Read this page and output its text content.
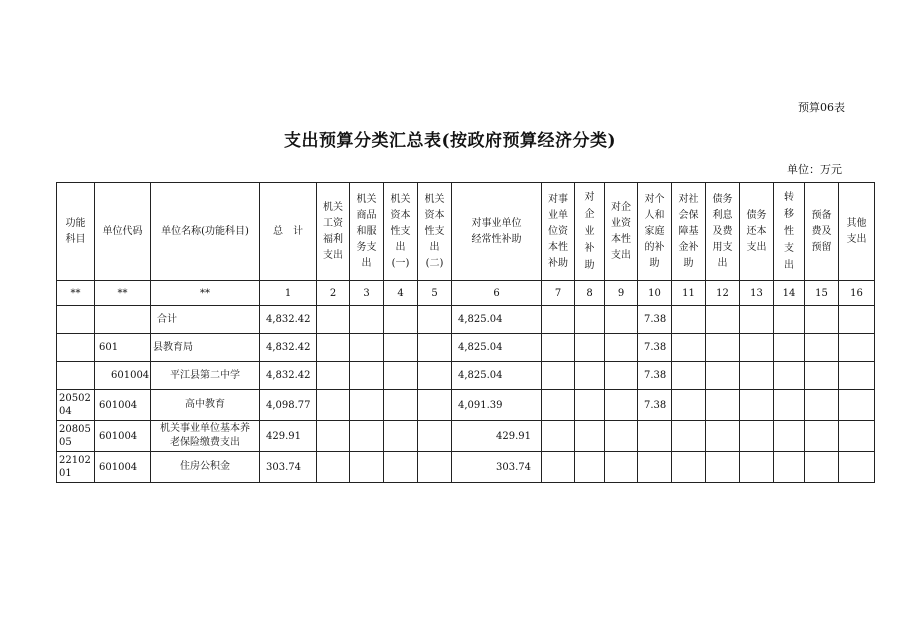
预算06表
支出预算分类汇总表(按政府预算经济分类)
单位：万元
功能科目	单位代码	单位名称(功能科目)	总　计	机关工资福利支出	机关商品和服务支出	机关资本性支出(一)	机关资本性支出(二)	对事业单位经常性补助	对事业单位资本性补助	对企业补助	对企业资本性支出	对个人和家庭的补助	对社会保障基金补助	债务利息及费用支出	债务还本支出	转移性支出	预备费及预留	其他支出
**	**	**	1	2	3	4	5	6	7	8	9	10	11	12	13	14	15	16
		合计	4,832.42					4,825.04				7.38						
	601	县教育局	4,832.42					4,825.04				7.38						
	601004	平江县第二中学	4,832.42					4,825.04				7.38						
2050204	601004	高中教育	4,098.77					4,091.39				7.38						
2080505	601004	机关事业单位基本养老保险缴费支出	429.91					429.91										
2210201	601004	住房公积金	303.74					303.74										
